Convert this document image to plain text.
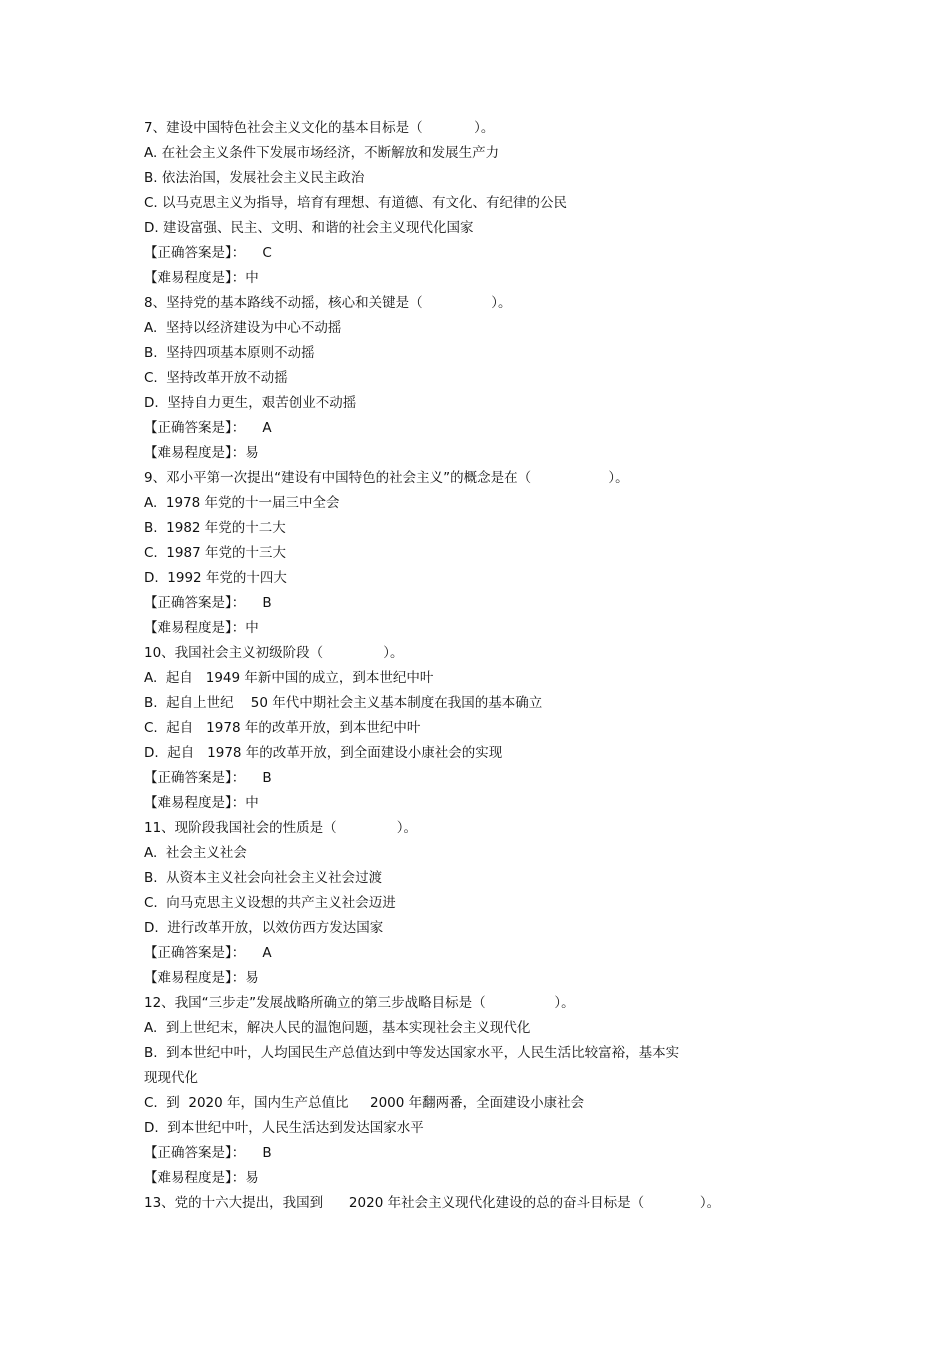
7、建设中国特色社会主义文化的基本目标是（            ）。
A. 在社会主义条件下发展市场经济，不断解放和发展生产力
B. 依法治国，发展社会主义民主政治
C. 以马克思主义为指导，培育有理想、有道德、有文化、有纪律的公民
D. 建设富强、民主、文明、和谐的社会主义现代化国家
【正确答案是】：    C
【难易程度是】：中
8、坚持党的基本路线不动摇，核心和关键是（                ）。
A.  坚持以经济建设为中心不动摇
B.  坚持四项基本原则不动摇
C.  坚持改革开放不动摇
D.  坚持自力更生，艰苦创业不动摇
【正确答案是】：    A
【难易程度是】：易
9、邓小平第一次提出“建设有中国特色的社会主义”的概念是在（                  ）。
A.  1978 年党的十一届三中全会
B.  1982 年党的十二大
C.  1987 年党的十三大
D.  1992 年党的十四大
【正确答案是】：    B
【难易程度是】：中
10、我国社会主义初级阶段（              ）。
A.  起自   1949 年新中国的成立，到本世纪中叶
B.  起自上世纪    50 年代中期社会主义基本制度在我国的基本确立
C.  起自   1978 年的改革开放，到本世纪中叶
D.  起自   1978 年的改革开放，到全面建设小康社会的实现
【正确答案是】：    B
【难易程度是】：中
11、现阶段我国社会的性质是（              ）。
A.  社会主义社会
B.  从资本主义社会向社会主义社会过渡
C.  向马克思主义设想的共产主义社会迈进
D.  进行改革开放，以效仿西方发达国家
【正确答案是】：    A
【难易程度是】：易
12、我国“三步走”发展战略所确立的第三步战略目标是（                ）。
A.  到上世纪末，解决人民的温饱问题，基本实现社会主义现代化
B.  到本世纪中叶，人均国民生产总值达到中等发达国家水平，人民生活比较富裕，基本实
现现代化
C.  到  2020 年，国内生产总值比     2000 年翻两番，全面建设小康社会
D.  到本世纪中叶，人民生活达到发达国家水平
【正确答案是】：    B
【难易程度是】：易
13、党的十六大提出，我国到      2020 年社会主义现代化建设的总的奋斗目标是（             ）。
